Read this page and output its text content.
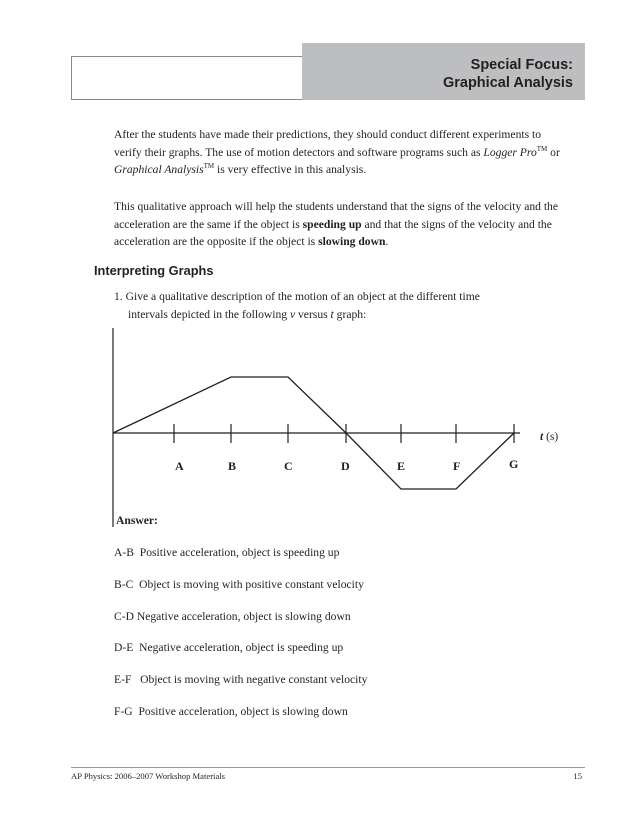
Special Focus:
Graphical Analysis

After the students have made their predictions, they should conduct different experiments to verify their graphs. The use of motion detectors and software programs such as Logger Pro™ or Graphical Analysis™ is very effective in this analysis.

This qualitative approach will help the students understand that the signs of the velocity and the acceleration are the same if the object is speeding up and that the signs of the velocity and the acceleration are the opposite if the object is slowing down.

Interpreting Graphs
1. Give a qualitative description of the motion of an object at the different time
intervals depicted in the following v versus t graph:
A	B	C	D	E	F	G
t (s)
Answer:
A-B  Positive acceleration, object is speeding up
B-C  Object is moving with positive constant velocity
C-D Negative acceleration, object is slowing down
D-E  Negative acceleration, object is speeding up
E-F   Object is moving with negative constant velocity
F-G  Positive acceleration, object is slowing down
AP Physics: 2006–2007 Workshop Materials	15
